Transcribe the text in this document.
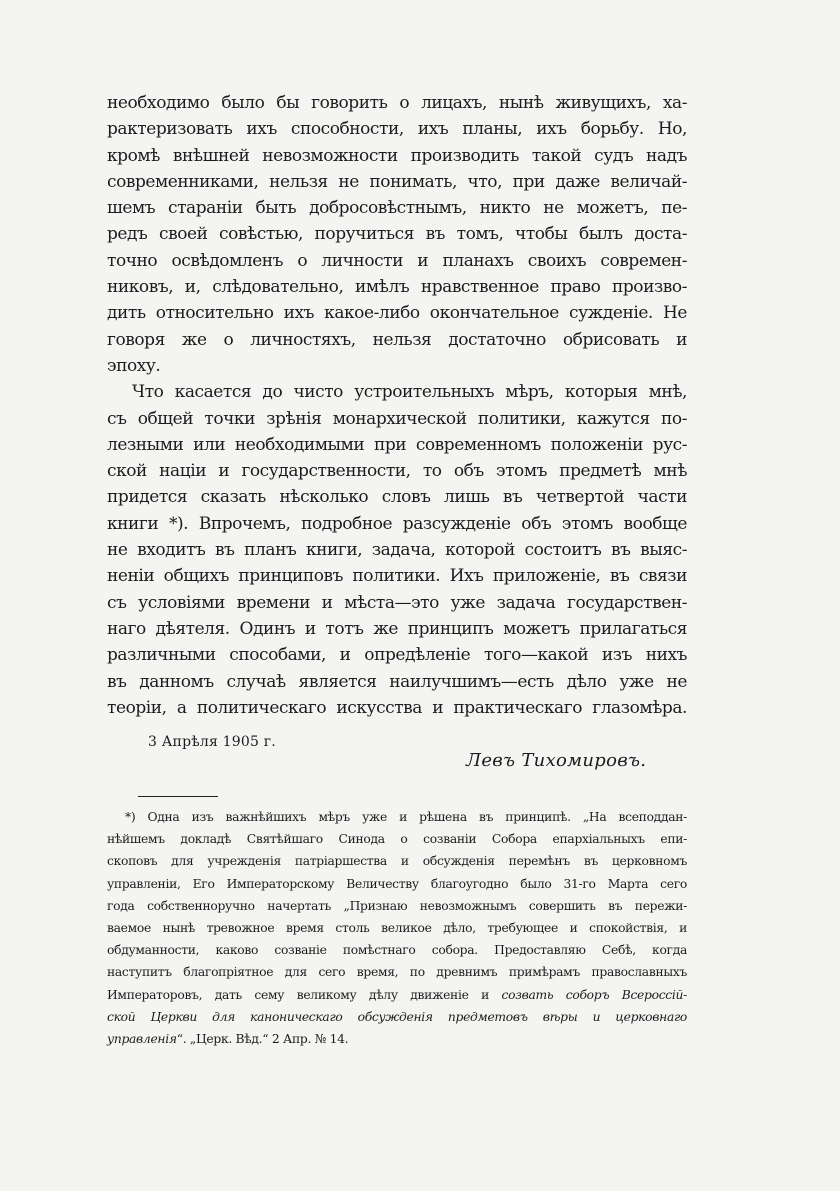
необходимо было бы говорить о лицахъ, нынѣ живущихъ, ха-
рактеризовать ихъ способности, ихъ планы, ихъ борьбу. Но,
кромѣ внѣшней невозможности производить такой судъ надъ
современниками, нельзя не понимать, что, при даже величай-
шемъ стараніи быть добросовѣстнымъ, никто не можетъ, пе-
редъ своей совѣстью, поручиться въ томъ, чтобы былъ доста-
точно освѣдомленъ о личности и планахъ своихъ современ-
никовъ, и, слѣдовательно, имѣлъ нравственное право произво-
дить относительно ихъ какое-либо окончательное сужденіе. Не
говоря же о личностяхъ, нельзя достаточно обрисовать и
эпоху.
Что касается до чисто устроительныхъ мѣръ, которыя мнѣ,
съ общей точки зрѣнія монархической политики, кажутся по-
лезными или необходимыми при современномъ положеніи рус-
ской націи и государственности, то объ этомъ предметѣ мнѣ
придется сказать нѣсколько словъ лишь въ четвертой части
книги *). Впрочемъ, подробное разсужденіе объ этомъ вообще
не входитъ въ планъ книги, задача, которой состоитъ въ выяс-
неніи общихъ принциповъ политики. Ихъ приложеніе, въ связи
съ условіями времени и мѣста—это уже задача государствен-
наго дѣятеля. Одинъ и тотъ же принципъ можетъ прилагаться
различными способами, и опредѣленіе того—какой изъ нихъ
въ данномъ случаѣ является наилучшимъ—есть дѣло уже не
теоріи, а политическаго искусства и практическаго глазомѣра.
3 Апрѣля 1905 г.
Левъ Тихомировъ.
*) Одна изъ важнѣйшихъ мѣръ уже и рѣшена въ принципѣ. „На всеподдан-
нѣйшемъ докладѣ Святѣйшаго Синода о созваніи Собора епархіальныхъ епи-
скоповъ для учрежденія патріаршества и обсужденія перемѣнъ въ церковномъ
управленіи, Его Императорскому Величеству благоугодно было 31-го Марта сего
года собственноручно начертать „Признаю невозможнымъ совершить въ пережи-
ваемое нынѣ тревожное время столь великое дѣло, требующее и спокойствія, и
обдуманности, каково созваніе помѣстнаго собора. Предоставляю Себѣ, когда
наступитъ благопріятное для сего время, по древнимъ примѣрамъ православныхъ
Императоровъ, дать сему великому дѣлу движеніе и созвать соборъ Всероссій-
ской Церкви для каноническаго обсужденія предметовъ вѣры и церковнаго
управленія“. „Церк. Вѣд.“ 2 Апр. № 14.
